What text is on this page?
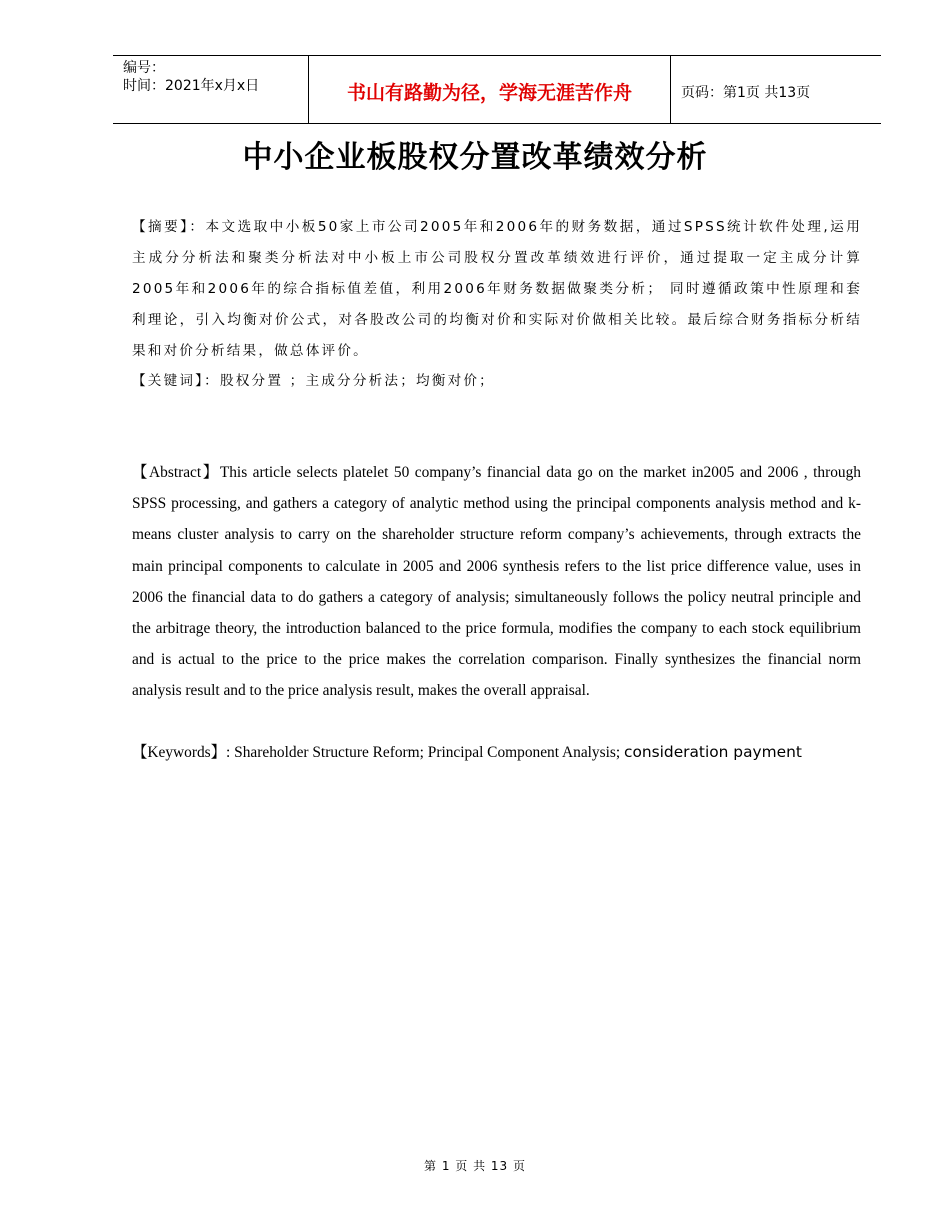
编号：
时间：2021年x月x日	书山有路勤为径，学海无涯苦作舟	页码：第1页 共13页
中小企业板股权分置改革绩效分析
【摘要】：本文选取中小板50家上市公司2005年和2006年的财务数据，通过SPSS统计软件处理,运用主成分分析法和聚类分析法对中小板上市公司股权分置改革绩效进行评价，通过提取一定主成分计算2005年和2006年的综合指标值差值，利用2006年财务数据做聚类分析； 同时遵循政策中性原理和套利理论，引入均衡对价公式，对各股改公司的均衡对价和实际对价做相关比较。最后综合财务指标分析结果和对价分析结果，做总体评价。
【关键词】：股权分置 ；主成分分析法；均衡对价；
【Abstract】This article selects platelet 50 company’s financial data go on the market in2005 and 2006 , through SPSS processing, and gathers a category of analytic method using the principal components analysis method and k-means cluster analysis to carry on the shareholder structure reform company’s achievements, through extracts the main principal components to calculate in 2005 and 2006 synthesis refers to the list price difference value, uses in 2006 the financial data to do gathers a category of analysis; simultaneously follows the policy neutral principle and the arbitrage theory, the introduction balanced to the price formula, modifies the company to each stock equilibrium and is actual to the price to the price makes the correlation comparison. Finally synthesizes the financial norm analysis result and to the price analysis result, makes the overall appraisal.
【Keywords】: Shareholder Structure Reform; Principal Component Analysis; consideration payment
第 1 页 共 13 页
